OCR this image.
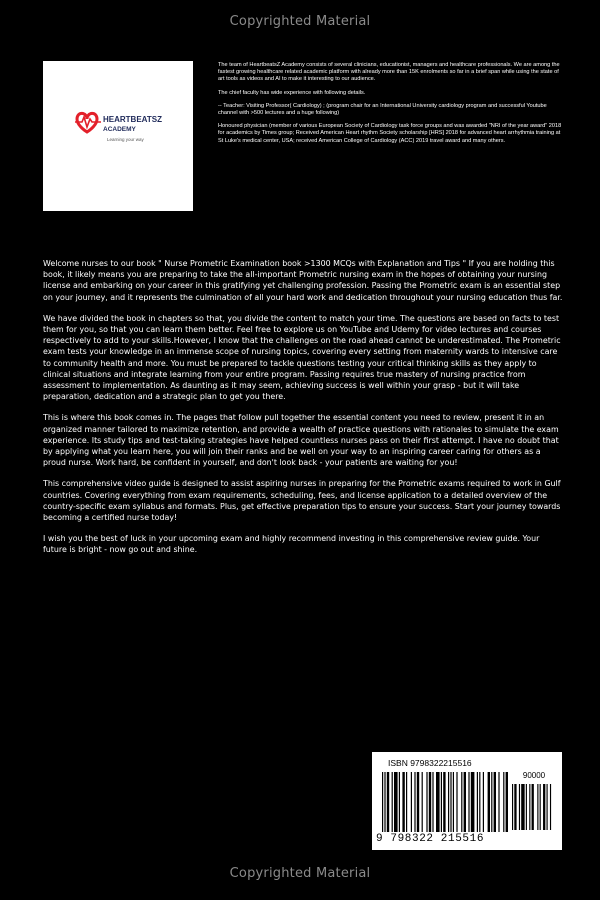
Copyrighted Material
HEARTBEATSZ
ACADEMY
Learning your way

The team of HeartbeatsZ Academy consists of several clinicians, educationist, managers and healthcare professionals. We are among the fastest growing healthcare related academic platform with already more than 15K enrolments so far in a brief span while using the state of art tools as videos and AI to make it interesting to our audience.

The chief faculty has wide experience with following details.

-- Teacher: Visiting Professor( Cardiology) ; (program chair for an International University cardiology program and successful Youtube channel with >500 lectures and a huge following)

Honoured physician (member of various European Society of Cardiology task force groups and was awarded "NRI of the year award" 2018 for academics by Times group; Received American Heart rhythm Society scholarship [HRS] 2018 for advanced heart arrhythmia training at St Luke's medical center, USA; received American College of Cardiology (ACC) 2019 travel award and many others.

Welcome nurses to our book " Nurse Prometric Examination book >1300 MCQs with Explanation and Tips " If you are holding this book, it likely means you are preparing to take the all-important Prometric nursing exam in the hopes of obtaining your nursing license and embarking on your career in this gratifying yet challenging profession. Passing the Prometric exam is an essential step on your journey, and it represents the culmination of all your hard work and dedication throughout your nursing education thus far.

We have divided the book in chapters so that, you divide the content to match your time. The questions are based on facts to test them for you, so that you can learn them better. Feel free to explore us on YouTube and Udemy for video lectures and courses respectively to add to your skills.However, I know that the challenges on the road ahead cannot be underestimated. The Prometric exam tests your knowledge in an immense scope of nursing topics, covering every setting from maternity wards to intensive care to community health and more. You must be prepared to tackle questions testing your critical thinking skills as they apply to clinical situations and integrate learning from your entire program. Passing requires true mastery of nursing practice from assessment to implementation. As daunting as it may seem, achieving success is well within your grasp - but it will take preparation, dedication and a strategic plan to get you there.

This is where this book comes in. The pages that follow pull together the essential content you need to review, present it in an organized manner tailored to maximize retention, and provide a wealth of practice questions with rationales to simulate the exam experience. Its study tips and test-taking strategies have helped countless nurses pass on their first attempt. I have no doubt that by applying what you learn here, you will join their ranks and be well on your way to an inspiring career caring for others as a proud nurse. Work hard, be confident in yourself, and don't look back - your patients are waiting for you!

This comprehensive video guide is designed to assist aspiring nurses in preparing for the Prometric exams required to work in Gulf countries. Covering everything from exam requirements, scheduling, fees, and license application to a detailed overview of the country-specific exam syllabus and formats. Plus, get effective preparation tips to ensure your success. Start your journey towards becoming a certified nurse today!

I wish you the best of luck in your upcoming exam and highly recommend investing in this comprehensive review guide. Your future is bright - now go out and shine.

ISBN 9798322215516
90000
9 798322 215516
Copyrighted Material
